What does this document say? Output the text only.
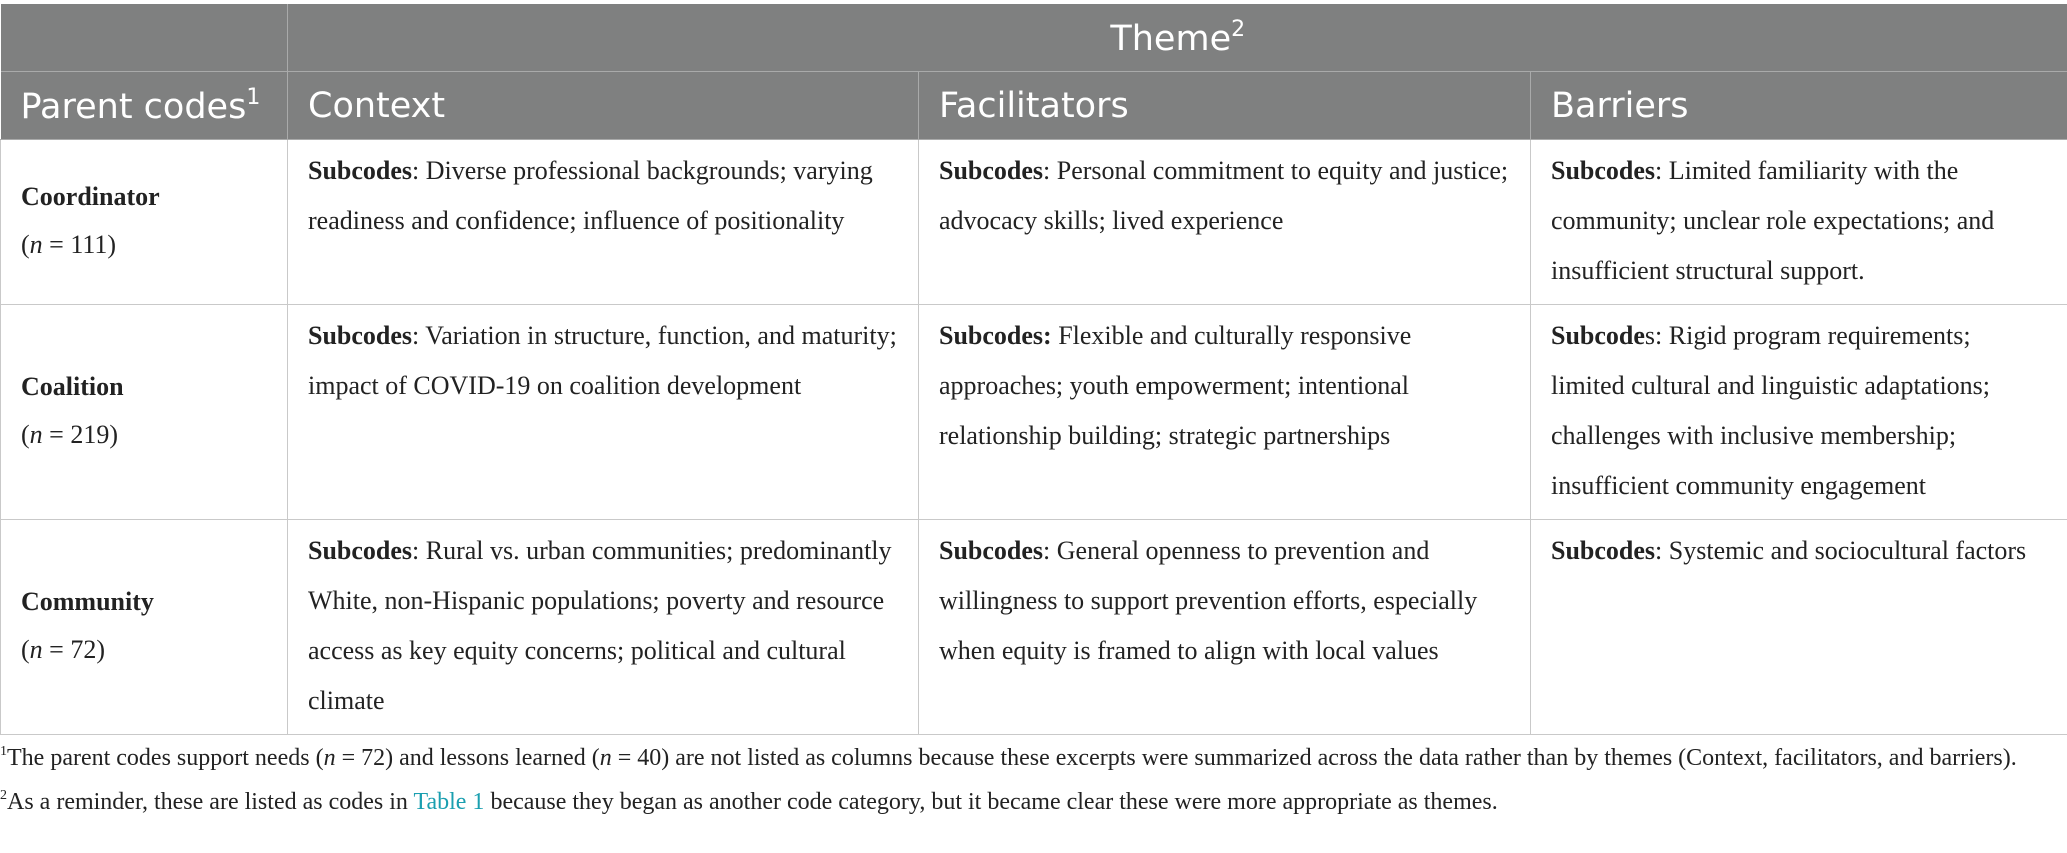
	Theme$^2$
Parent codes$^1$	Context	Facilitators	Barriers

Coordinator
(n = 111)	Subcodes: Diverse professional backgrounds; varying readiness and confidence; influence of positionality	Subcodes: Personal commitment to equity and justice; advocacy skills; lived experience	Subcodes: Limited familiarity with the community; unclear role expectations; and insufficient structural support.

Coalition
(n = 219)	Subcodes: Variation in structure, function, and maturity; impact of COVID-19 on coalition development	Subcodes: Flexible and culturally responsive approaches; youth empowerment; intentional relationship building; strategic partnerships	Subcodes: Rigid program requirements; limited cultural and linguistic adaptations; challenges with inclusive membership; insufficient community engagement

Community
(n = 72)	Subcodes: Rural vs. urban communities; predominantly White, non-Hispanic populations; poverty and resource access as key equity concerns; political and cultural climate	Subcodes: General openness to prevention and willingness to support prevention efforts, especially when equity is framed to align with local values	Subcodes: Systemic and sociocultural factors

$^1$The parent codes support needs (n = 72) and lessons learned (n = 40) are not listed as columns because these excerpts were summarized across the data rather than by themes (Context, facilitators, and barriers).

$^2$As a reminder, these are listed as codes in Table 1 because they began as another code category, but it became clear these were more appropriate as themes.
